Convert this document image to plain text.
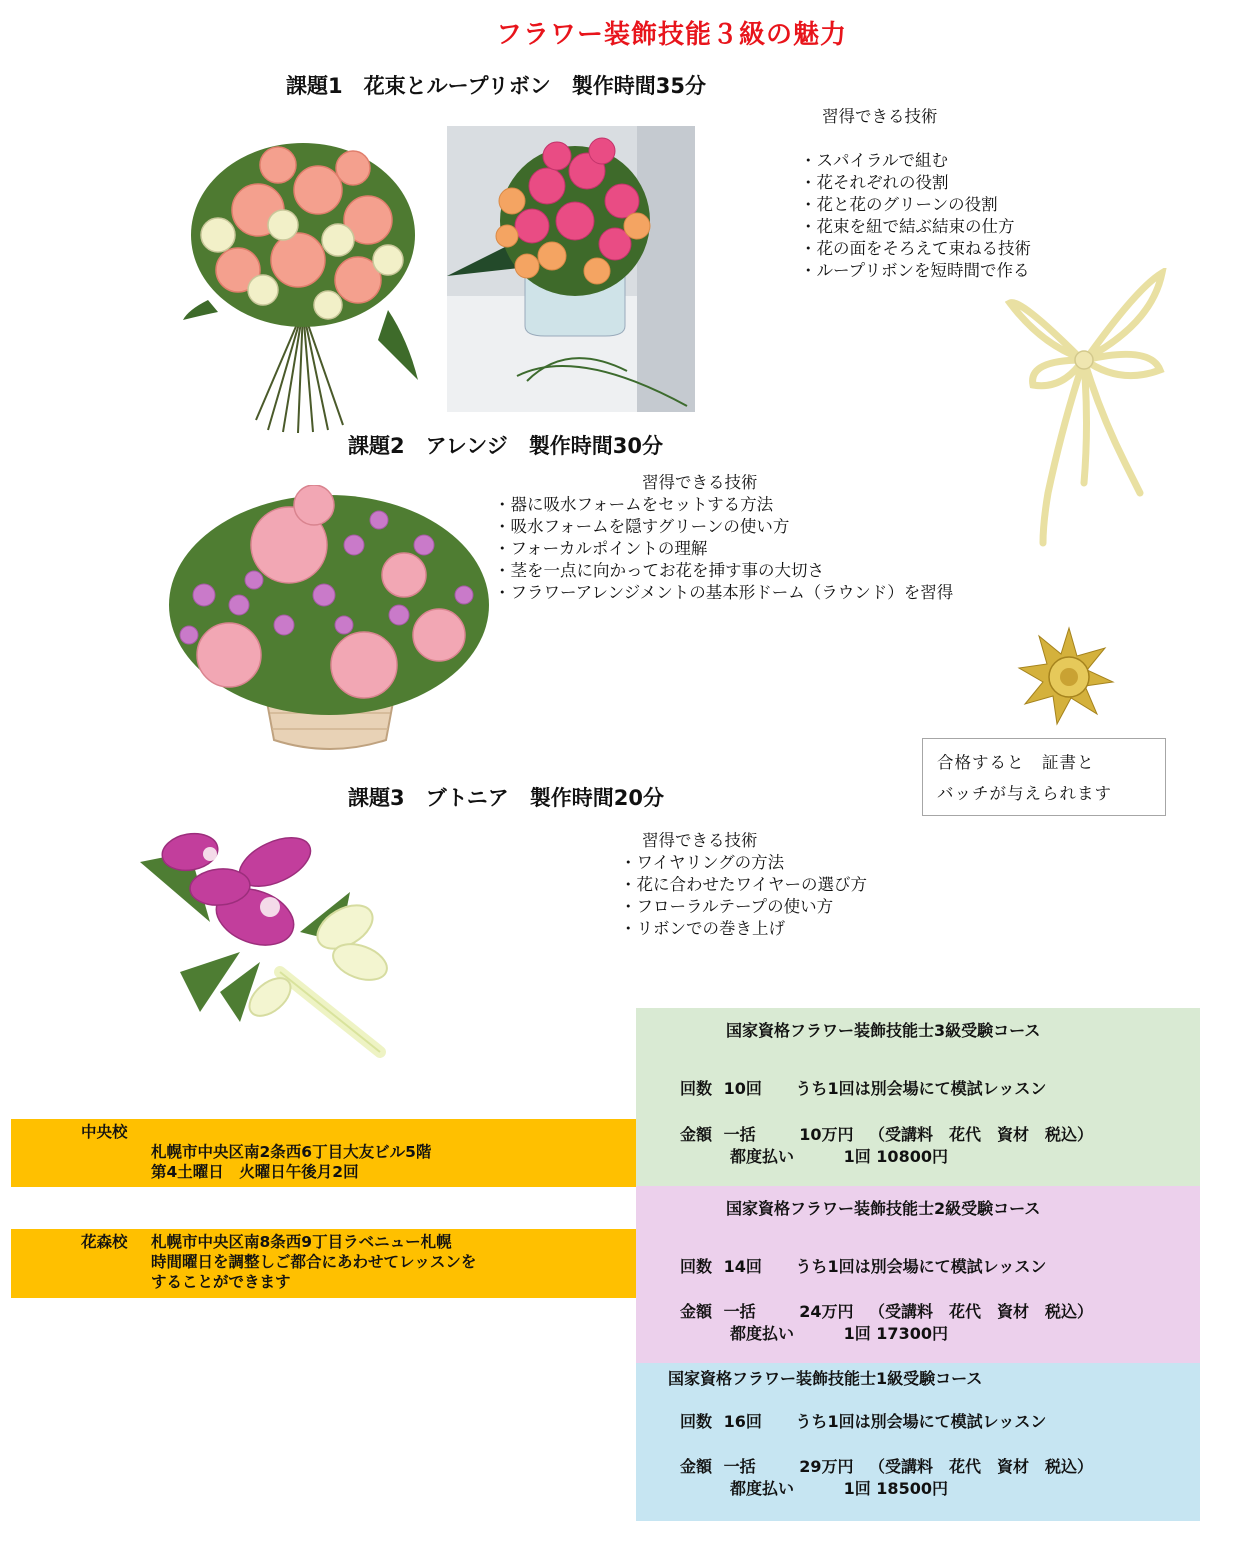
フラワー装飾技能３級の魅力
課題1　花束とループリボン　製作時間35分
習得できる技術
・ スパイラルで組む
・ 花それぞれの役割
・ 花と花のグリーンの役割
・ 花束を紐で結ぶ結束の仕方
・ 花の面をそろえて束ねる技術
・ ループリボンを短時間で作る
課題2　アレンジ　製作時間30分
習得できる技術
・ 器に吸水フォームをセットする方法
・ 吸水フォームを隠すグリーンの使い方
・ フォーカルポイントの理解
・ 茎を一点に向かってお花を挿す事の大切さ
・ フラワーアレンジメントの基本形ドーム（ラウンド）を習得
合格すると　証書と
バッチが与えられます
課題3　ブトニア　製作時間20分
習得できる技術
・ ワイヤリングの方法
・ 花に合わせたワイヤーの選び方
・ フローラルテープの使い方
・ リボンでの巻き上げ
中央校
札幌市中央区南2条西6丁目大友ビル5階
第4土曜日　火曜日午後月2回
花森校	札幌市中央区南8条西9丁目ラベニュー札幌
時間曜日を調整しご都合にあわせてレッスンを
することができます
国家資格フラワー装飾技能士3級受験コース
回数 10回 うち1回は別会場にて模試レッスン
金額 一括	10万円 （受講料　花代　資材　税込）
都度払い	1回 10800円
国家資格フラワー装飾技能士2級受験コース
回数 14回 うち1回は別会場にて模試レッスン
金額 一括	24万円 （受講料　花代　資材　税込）
都度払い	1回 17300円
国家資格フラワー装飾技能士1級受験コース
回数 16回 うち1回は別会場にて模試レッスン
金額 一括	29万円 （受講料　花代　資材　税込）
都度払い	1回 18500円
